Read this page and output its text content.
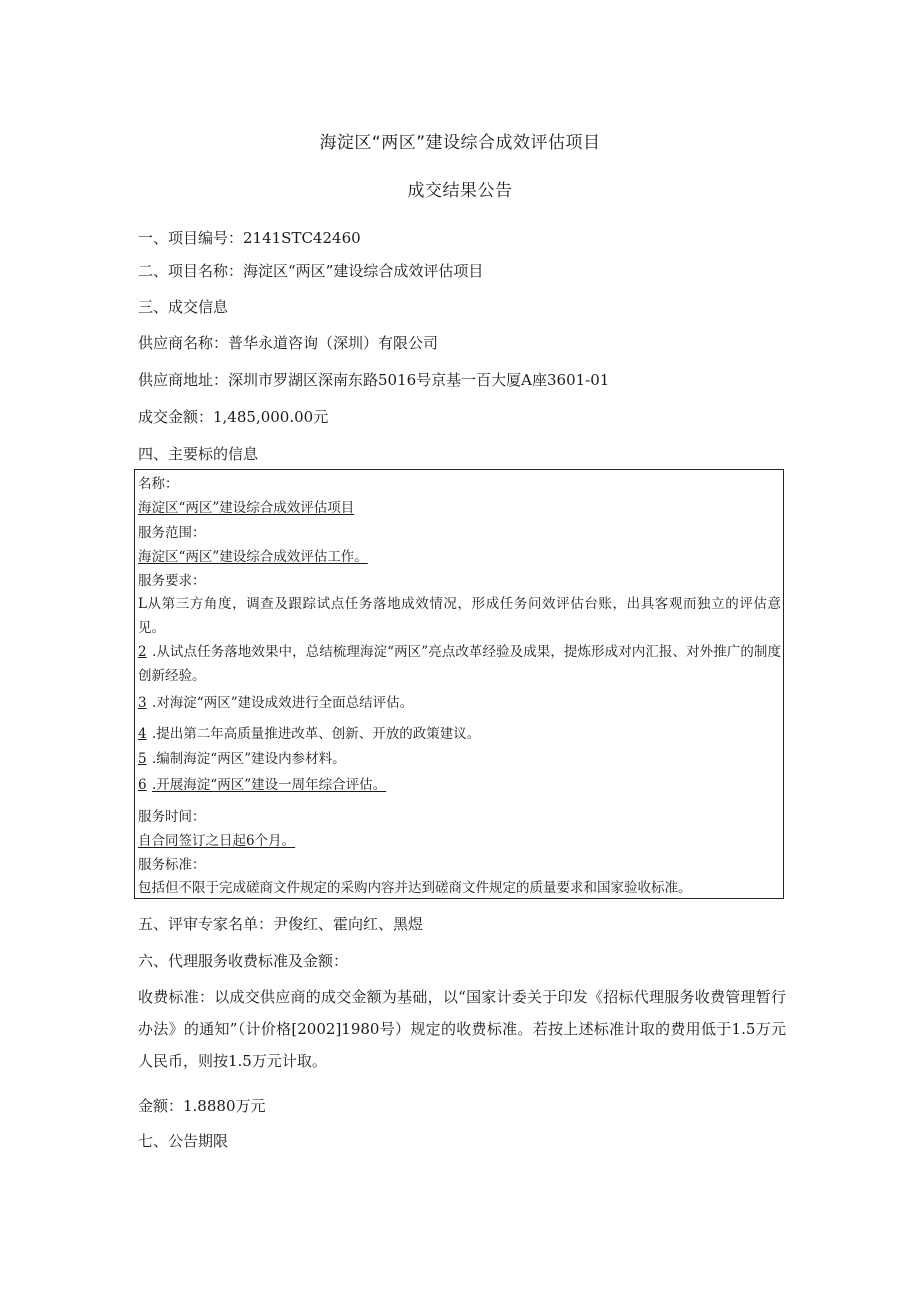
海淀区“两区”建设综合成效评估项目
成交结果公告
一、项目编号：2141STC42460
二、项目名称：海淀区“两区”建设综合成效评估项目
三、成交信息
供应商名称：普华永道咨询（深圳）有限公司
供应商地址：深圳市罗湖区深南东路5016号京基一百大厦A座3601-01
成交金额：1,485,000.00元
四、主要标的信息
名称：
海淀区“两区”建设综合成效评估项目
服务范围：
海淀区“两区”建设综合成效评估工作。
服务要求：
L从第三方角度，调查及跟踪试点任务落地成效情况，形成任务问效评估台账，出具客观而独立的评估意见。
2 .从试点任务落地效果中，总结梳理海淀“两区”亮点改革经验及成果，提炼形成对内汇报、对外推广的制度创新经验。
3 .对海淀“两区”建设成效进行全面总结评估。
4 .提出第二年高质量推进改革、创新、开放的政策建议。
5 .编制海淀“两区”建设内参材料。
6 .开展海淀“两区”建设一周年综合评估。
服务时间：
自合同签订之日起6个月。
服务标准：
包括但不限于完成磋商文件规定的采购内容并达到磋商文件规定的质量要求和国家验收标准。
五、评审专家名单：尹俊红、霍向红、黑煜
六、代理服务收费标准及金额：
收费标准：以成交供应商的成交金额为基础，以“国家计委关于印发《招标代理服务收费管理暂行办法》的通知”（计价格[2002]1980号）规定的收费标准。若按上述标准计取的费用低于1.5万元人民币，则按1.5万元计取。
金额：1.8880万元
七、公告期限
